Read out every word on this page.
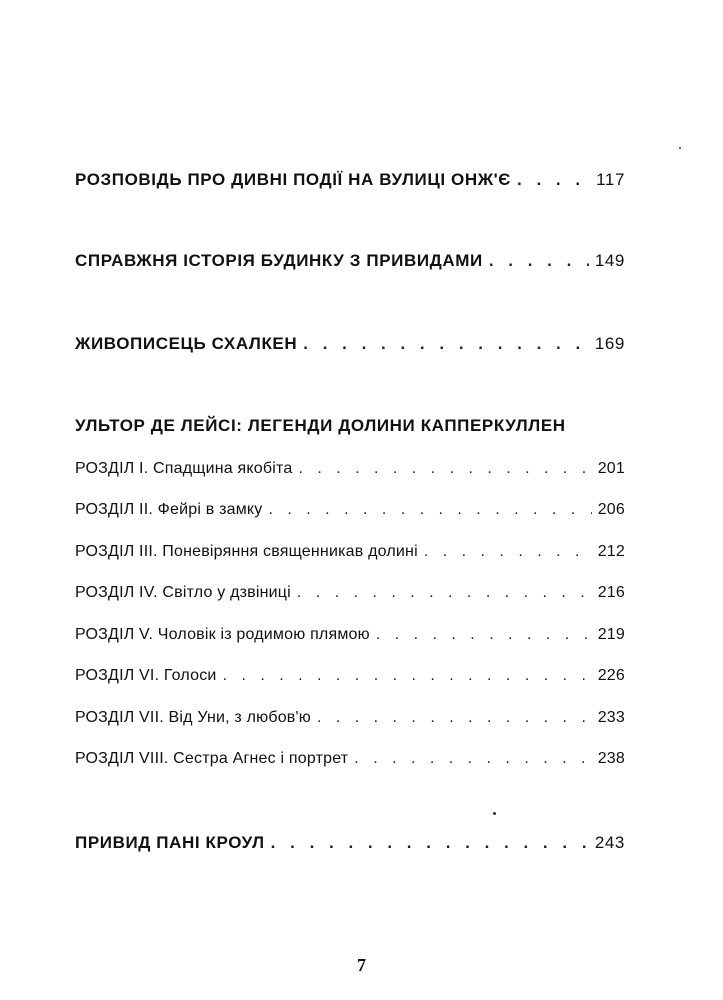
РОЗПОВІДЬ ПРО ДИВНІ ПОДІЇ НА ВУЛИЦІ ОНЖ'Є . . .	117
СПРАВЖНЯ ІСТОРІЯ БУДИНКУ З ПРИВИДАМИ . . .	149
ЖИВОПИСЕЦЬ СХАЛКЕН . . .	169
УЛЬТОР ДЕ ЛЕЙСІ: ЛЕГЕНДИ ДОЛИНИ КАППЕРКУЛЛЕН
РОЗДІЛ І. Спадщина якобіта . . .	201
РОЗДІЛ ІІ. Фейрі в замку . . .	206
РОЗДІЛ ІІІ. Поневіряння священникав долині . . .	212
РОЗДІЛ IV. Світло у дзвіниці . . .	216
РОЗДІЛ V. Чоловік із родимою плямою . . .	219
РОЗДІЛ VІ. Голоси . . .	226
РОЗДІЛ VІІ. Від Уни, з любов'ю . . .	233
РОЗДІЛ VІІІ. Сестра Агнес і портрет . . .	238
ПРИВИД ПАНІ КРОУЛ . . .	243
7
